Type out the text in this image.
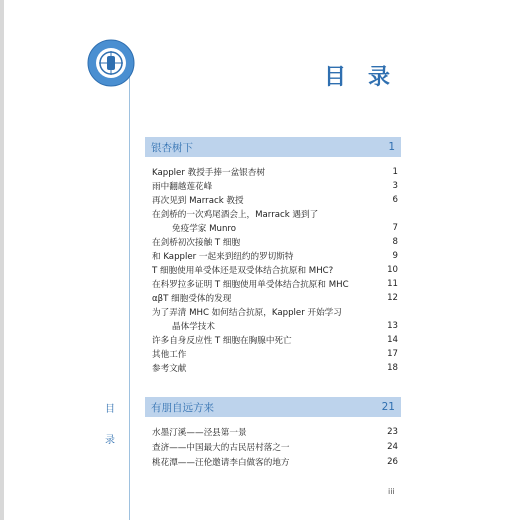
目 录
目
录
银杏树下	1
Kappler 教授手捧一盆银杏树	1
雨中翻越莲花峰	3
再次见到 Marrack 教授	6
在剑桥的一次鸡尾酒会上，Marrack 遇到了
免疫学家 Munro	7
在剑桥初次接触 T 细胞	8
和 Kappler 一起来到纽约的罗切斯特	9
T 细胞使用单受体还是双受体结合抗原和 MHC?	10
在科罗拉多证明 T 细胞使用单受体结合抗原和 MHC	11
αβT 细胞受体的发现	12
为了弄清 MHC 如何结合抗原，Kappler 开始学习
晶体学技术	13
许多自身反应性 T 细胞在胸腺中死亡	14
其他工作	17
参考文献	18
有朋自远方来	21
水墨汀溪——泾县第一景	23
查济——中国最大的古民居村落之一	24
桃花潭——汪伦邀请李白做客的地方	26
iii
